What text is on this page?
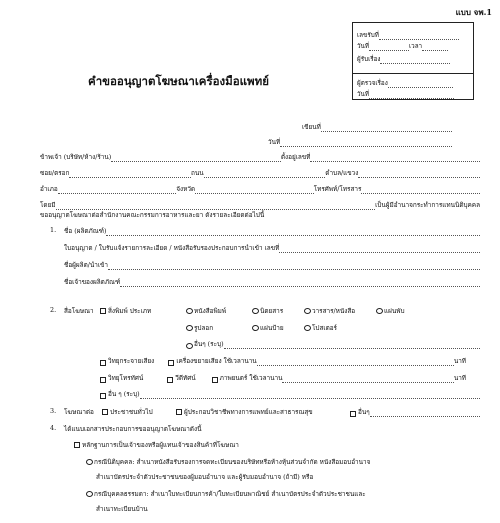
แบบ จพ.1
เลขรับที่
วันที่	เวลา
ผู้รับเรื่อง
ผู้ตรวจเรื่อง
วันที่
คำขออนุญาตโฆษณาเครื่องมือแพทย์
เขียนที่
วันที่
ข้าพเจ้า (บริษัท/ห้าง/ร้าน)	ตั้งอยู่เลขที่
ซอย/ตรอก	ถนน	ตำบล/แขวง
อำเภอ	จังหวัด	โทรศัพท์/โทรสาร
โดยมี	เป็นผู้มีอำนาจกระทำการแทนนิติบุคคล
ขออนุญาตโฆษณาต่อสำนักงานคณะกรรมการอาหารและยา ดังรายละเอียดต่อไปนี้
1. ชื่อ (ผลิตภัณฑ์)
ใบอนุญาต / ใบรับแจ้งรายการละเอียด / หนังสือรับรองประกอบการนำเข้า เลขที่
ชื่อผู้ผลิต/นำเข้า
ชื่อเจ้าของผลิตภัณฑ์
2. สื่อโฆษณา	สิ่งพิมพ์ ประเภท	หนังสือพิมพ์	นิตยสาร	วารสาร/หนังสือ	แผ่นพับ
รูปลอก	แผ่นป้าย	โปสเตอร์
อื่นๆ (ระบุ)
วิทยุกระจายเสียง	เครื่องขยายเสียง ใช้เวลานาน	นาที
วิทยุโทรทัศน์	วีดีทัศน์	ภาพยนตร์ ใช้เวลานาน	นาที
อื่น ๆ (ระบุ)
3. โฆษณาต่อ	ประชาชนทั่วไป	ผู้ประกอบวิชาชีพทางการแพทย์และสาธารณสุข	อื่นๆ
4. ได้แนบเอกสารประกอบการขออนุญาตโฆษณาดังนี้
หลักฐานการเป็นเจ้าของหรือผู้แทนเจ้าของสินค้าที่โฆษณา
กรณีนิติบุคคล: สำเนาหนังสือรับรองการจดทะเบียนของบริษัทหรือห้างหุ้นส่วนจำกัด หนังสือมอบอำนาจ
สำเนาบัตรประจำตัวประชาชนของผู้มอบอำนาจ และผู้รับมอบอำนาจ (ถ้ามี) หรือ
กรณีบุคคลธรรมดา: สำเนาใบทะเบียนการค้า/ใบทะเบียนพาณิชย์ สำเนาบัตรประจำตัวประชาชนและ
สำเนาทะเบียนบ้าน
